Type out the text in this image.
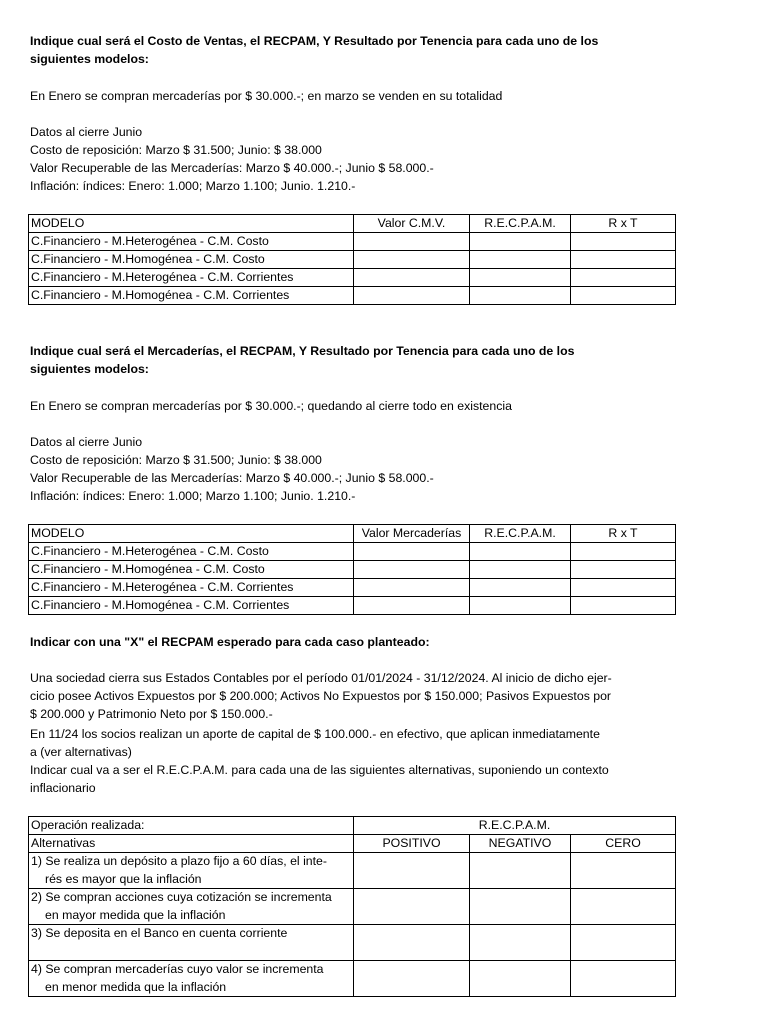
Indique cual será el Costo de Ventas, el RECPAM, Y Resultado por Tenencia para cada uno de los
siguientes modelos:
En Enero se compran mercaderías por $ 30.000.-; en marzo se venden en su totalidad
Datos al cierre Junio
Costo de reposición: Marzo $ 31.500; Junio: $ 38.000
Valor Recuperable de las Mercaderías: Marzo $ 40.000.-; Junio $ 58.000.-
Inflación: índices: Enero: 1.000; Marzo 1.100; Junio. 1.210.-
MODELO	Valor C.M.V.	R.E.C.P.A.M.	R x T
C.Financiero - M.Heterogénea - C.M. Costo			
C.Financiero - M.Homogénea - C.M. Costo			
C.Financiero - M.Heterogénea - C.M. Corrientes			
C.Financiero - M.Homogénea - C.M. Corrientes			
Indique cual será el Mercaderías, el RECPAM, Y Resultado por Tenencia para cada uno de los
siguientes modelos:
En Enero se compran mercaderías por $ 30.000.-; quedando al cierre todo en existencia
Datos al cierre Junio
Costo de reposición: Marzo $ 31.500; Junio: $ 38.000
Valor Recuperable de las Mercaderías: Marzo $ 40.000.-; Junio $ 58.000.-
Inflación: índices: Enero: 1.000; Marzo 1.100; Junio. 1.210.-
MODELO	Valor Mercaderías	R.E.C.P.A.M.	R x T
C.Financiero - M.Heterogénea - C.M. Costo			
C.Financiero - M.Homogénea - C.M. Costo			
C.Financiero - M.Heterogénea - C.M. Corrientes			
C.Financiero - M.Homogénea - C.M. Corrientes			
Indicar con una "X" el RECPAM esperado para cada caso planteado:
Una sociedad cierra sus Estados Contables por el período 01/01/2024 - 31/12/2024. Al inicio de dicho ejer-
cicio posee Activos Expuestos por $ 200.000; Activos No Expuestos por $ 150.000; Pasivos Expuestos por
$ 200.000 y Patrimonio Neto por $ 150.000.-
En 11/24 los socios realizan un aporte de capital de $ 100.000.- en efectivo, que aplican inmediatamente
a (ver alternativas)
Indicar cual va a ser el R.E.C.P.A.M. para cada una de las siguientes alternativas, suponiendo un contexto
inflacionario
Operación realizada:	R.E.C.P.A.M.		
Alternativas	POSITIVO	NEGATIVO	CERO
1) Se realiza un depósito a plazo fijo a 60 días, el inte-
rés es mayor que la inflación			

2) Se compran acciones cuya cotización se incrementa
en mayor medida que la inflación			

3) Se deposita en el Banco en cuenta corriente

4) Se compran mercaderías cuyo valor se incrementa
en menor medida que la inflación			
